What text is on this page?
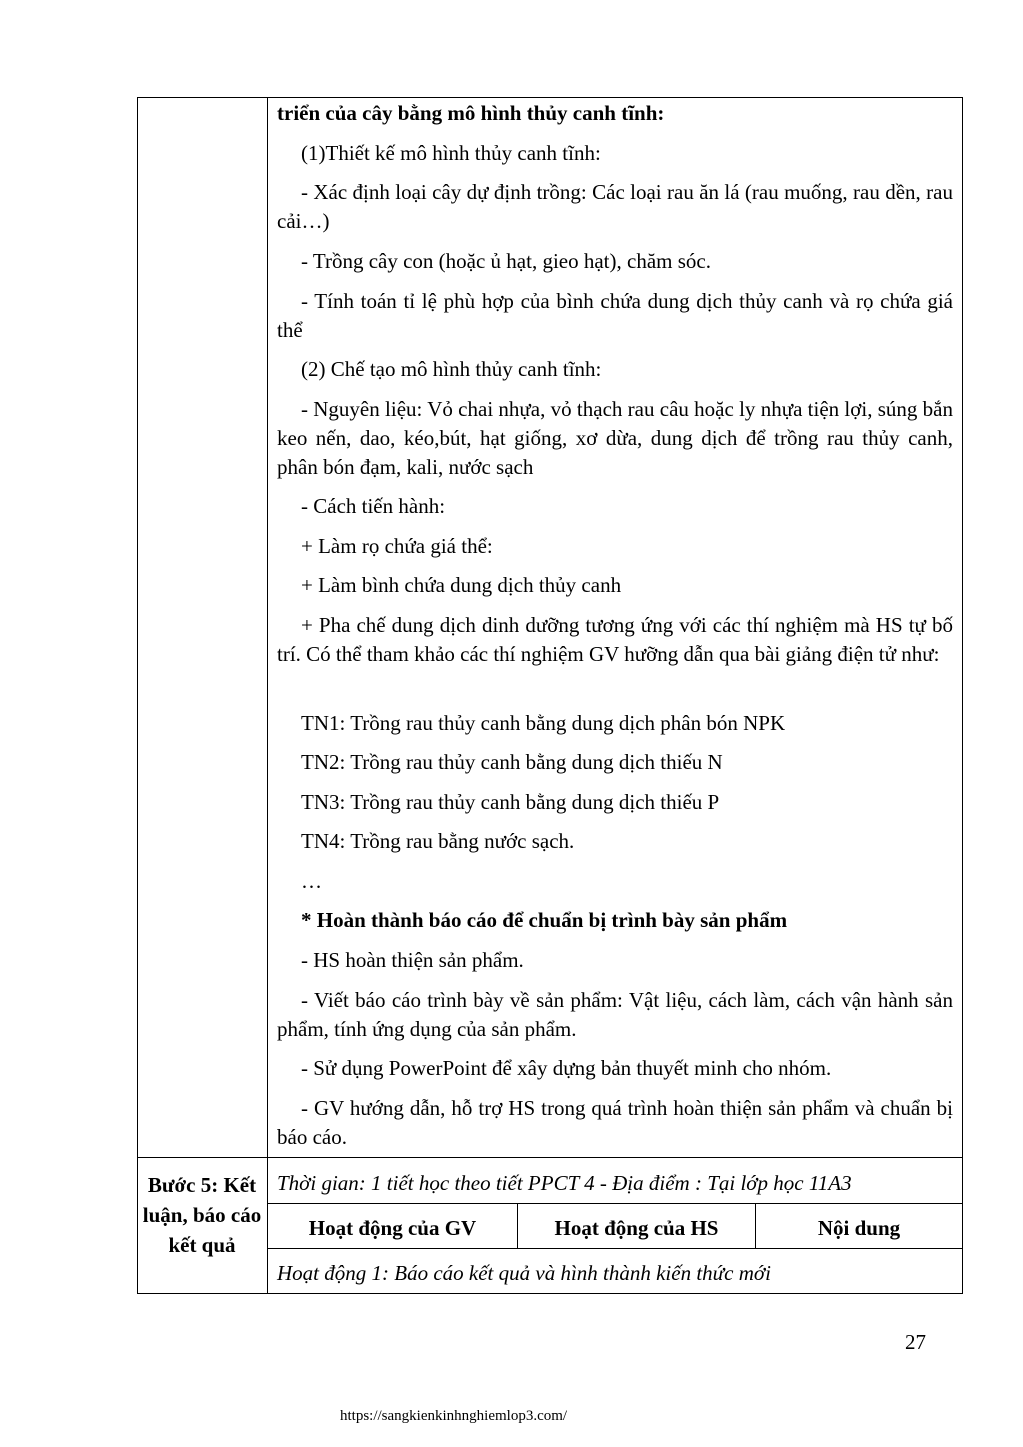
triển của cây bằng mô hình thủy canh tĩnh:
(1)Thiết kế mô hình thủy canh tĩnh:
- Xác định loại cây dự định trồng: Các loại rau ăn lá (rau muống, rau dền, rau cải…)
- Trồng cây con (hoặc ủ hạt, gieo hạt), chăm sóc.
- Tính toán tỉ lệ phù hợp của bình chứa dung dịch thủy canh và rọ chứa giá thể
(2) Chế tạo mô hình thủy canh tĩnh:
- Nguyên liệu: Vỏ chai nhựa, vỏ thạch rau câu hoặc ly nhựa tiện lợi, súng bắn keo nến, dao, kéo,bút, hạt giống, xơ dừa, dung dịch để trồng rau thủy canh, phân bón đạm, kali, nước sạch
- Cách tiến hành:
+ Làm rọ chứa giá thể:
+ Làm bình chứa dung dịch thủy canh
+ Pha chế dung dịch dinh dưỡng tương ứng với các thí nghiệm mà HS tự bố trí. Có thể tham khảo các thí nghiệm GV hưỡng dẫn qua bài giảng điện tử như:
TN1: Trồng rau thủy canh bằng dung dịch phân bón NPK
TN2: Trồng rau thủy canh bằng dung dịch thiếu N
TN3: Trồng rau thủy canh bằng dung dịch thiếu P
TN4: Trồng rau bằng nước sạch.
…
* Hoàn thành báo cáo để chuẩn bị trình bày sản phẩm
- HS hoàn thiện sản phẩm.
- Viết báo cáo trình bày về sản phẩm: Vật liệu, cách làm, cách vận hành sản phẩm, tính ứng dụng của sản phẩm.
- Sử dụng PowerPoint để xây dựng bản thuyết minh cho nhóm.
- GV hướng dẫn, hỗ trợ HS trong quá trình hoàn thiện sản phẩm và chuẩn bị báo cáo.
Bước 5: Kết luận, báo cáo kết quả
Thời gian: 1 tiết học theo tiết PPCT 4 - Địa điểm : Tại lớp học 11A3
Hoạt động của GV	Hoạt động của HS	Nội dung
Hoạt động 1: Báo cáo kết quả và hình thành kiến thức mới
27
https://sangkienkinhnghiemlop3.com/
